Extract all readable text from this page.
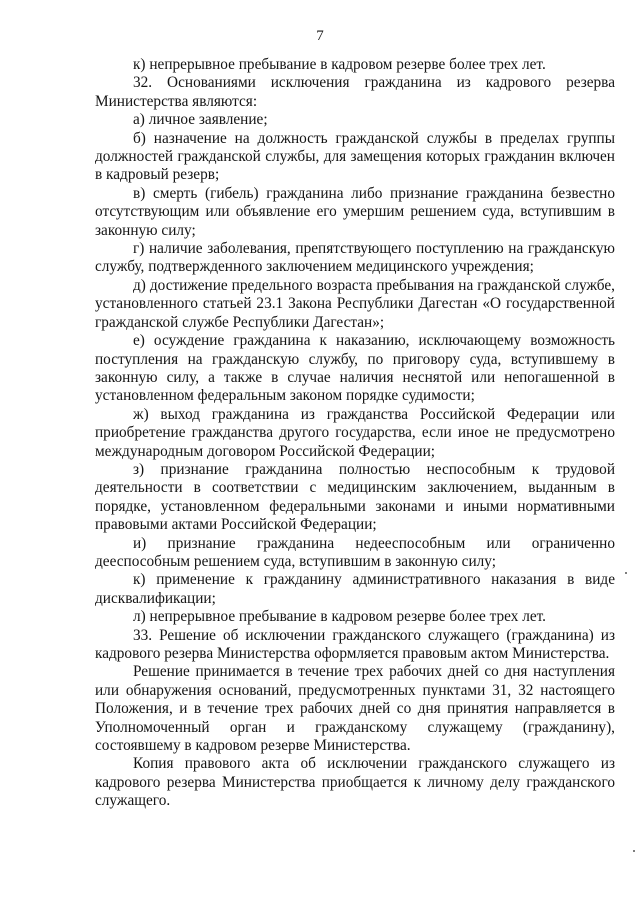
7

к) непрерывное пребывание в кадровом резерве более трех лет.

32. Основаниями исключения гражданина из кадрового резерва Министерства являются:

а) личное заявление;

б) назначение на должность гражданской службы в пределах группы должностей гражданской службы, для замещения которых гражданин включен в кадровый резерв;

в) смерть (гибель) гражданина либо признание гражданина безвестно отсутствующим или объявление его умершим решением суда, вступившим в законную силу;

г) наличие заболевания, препятствующего поступлению на гражданскую службу, подтвержденного заключением медицинского учреждения;

д) достижение предельного возраста пребывания на гражданской службе, установленного статьей 23.1 Закона Республики Дагестан «О государственной гражданской службе Республики Дагестан»;

е) осуждение гражданина к наказанию, исключающему возможность поступления на гражданскую службу, по приговору суда, вступившему в законную силу, а также в случае наличия неснятой или непогашенной в установленном федеральным законом порядке судимости;

ж) выход гражданина из гражданства Российской Федерации или приобретение гражданства другого государства, если иное не предусмотрено международным договором Российской Федерации;

з) признание гражданина полностью неспособным к трудовой деятельности в соответствии с медицинским заключением, выданным в порядке, установленном федеральными законами и иными нормативными правовыми актами Российской Федерации;

и) признание гражданина недееспособным или ограниченно дееспособным решением суда, вступившим в законную силу;

к) применение к гражданину административного наказания в виде дисквалификации;

л) непрерывное пребывание в кадровом резерве более трех лет.

33. Решение об исключении гражданского служащего (гражданина) из кадрового резерва Министерства оформляется правовым актом Министерства.

Решение принимается в течение трех рабочих дней со дня наступления или обнаружения оснований, предусмотренных пунктами 31, 32 настоящего Положения, и в течение трех рабочих дней со дня принятия направляется в Уполномоченный орган и гражданскому служащему (гражданину), состоявшему в кадровом резерве Министерства.

Копия правового акта об исключении гражданского служащего из кадрового резерва Министерства приобщается к личному делу гражданского служащего.
